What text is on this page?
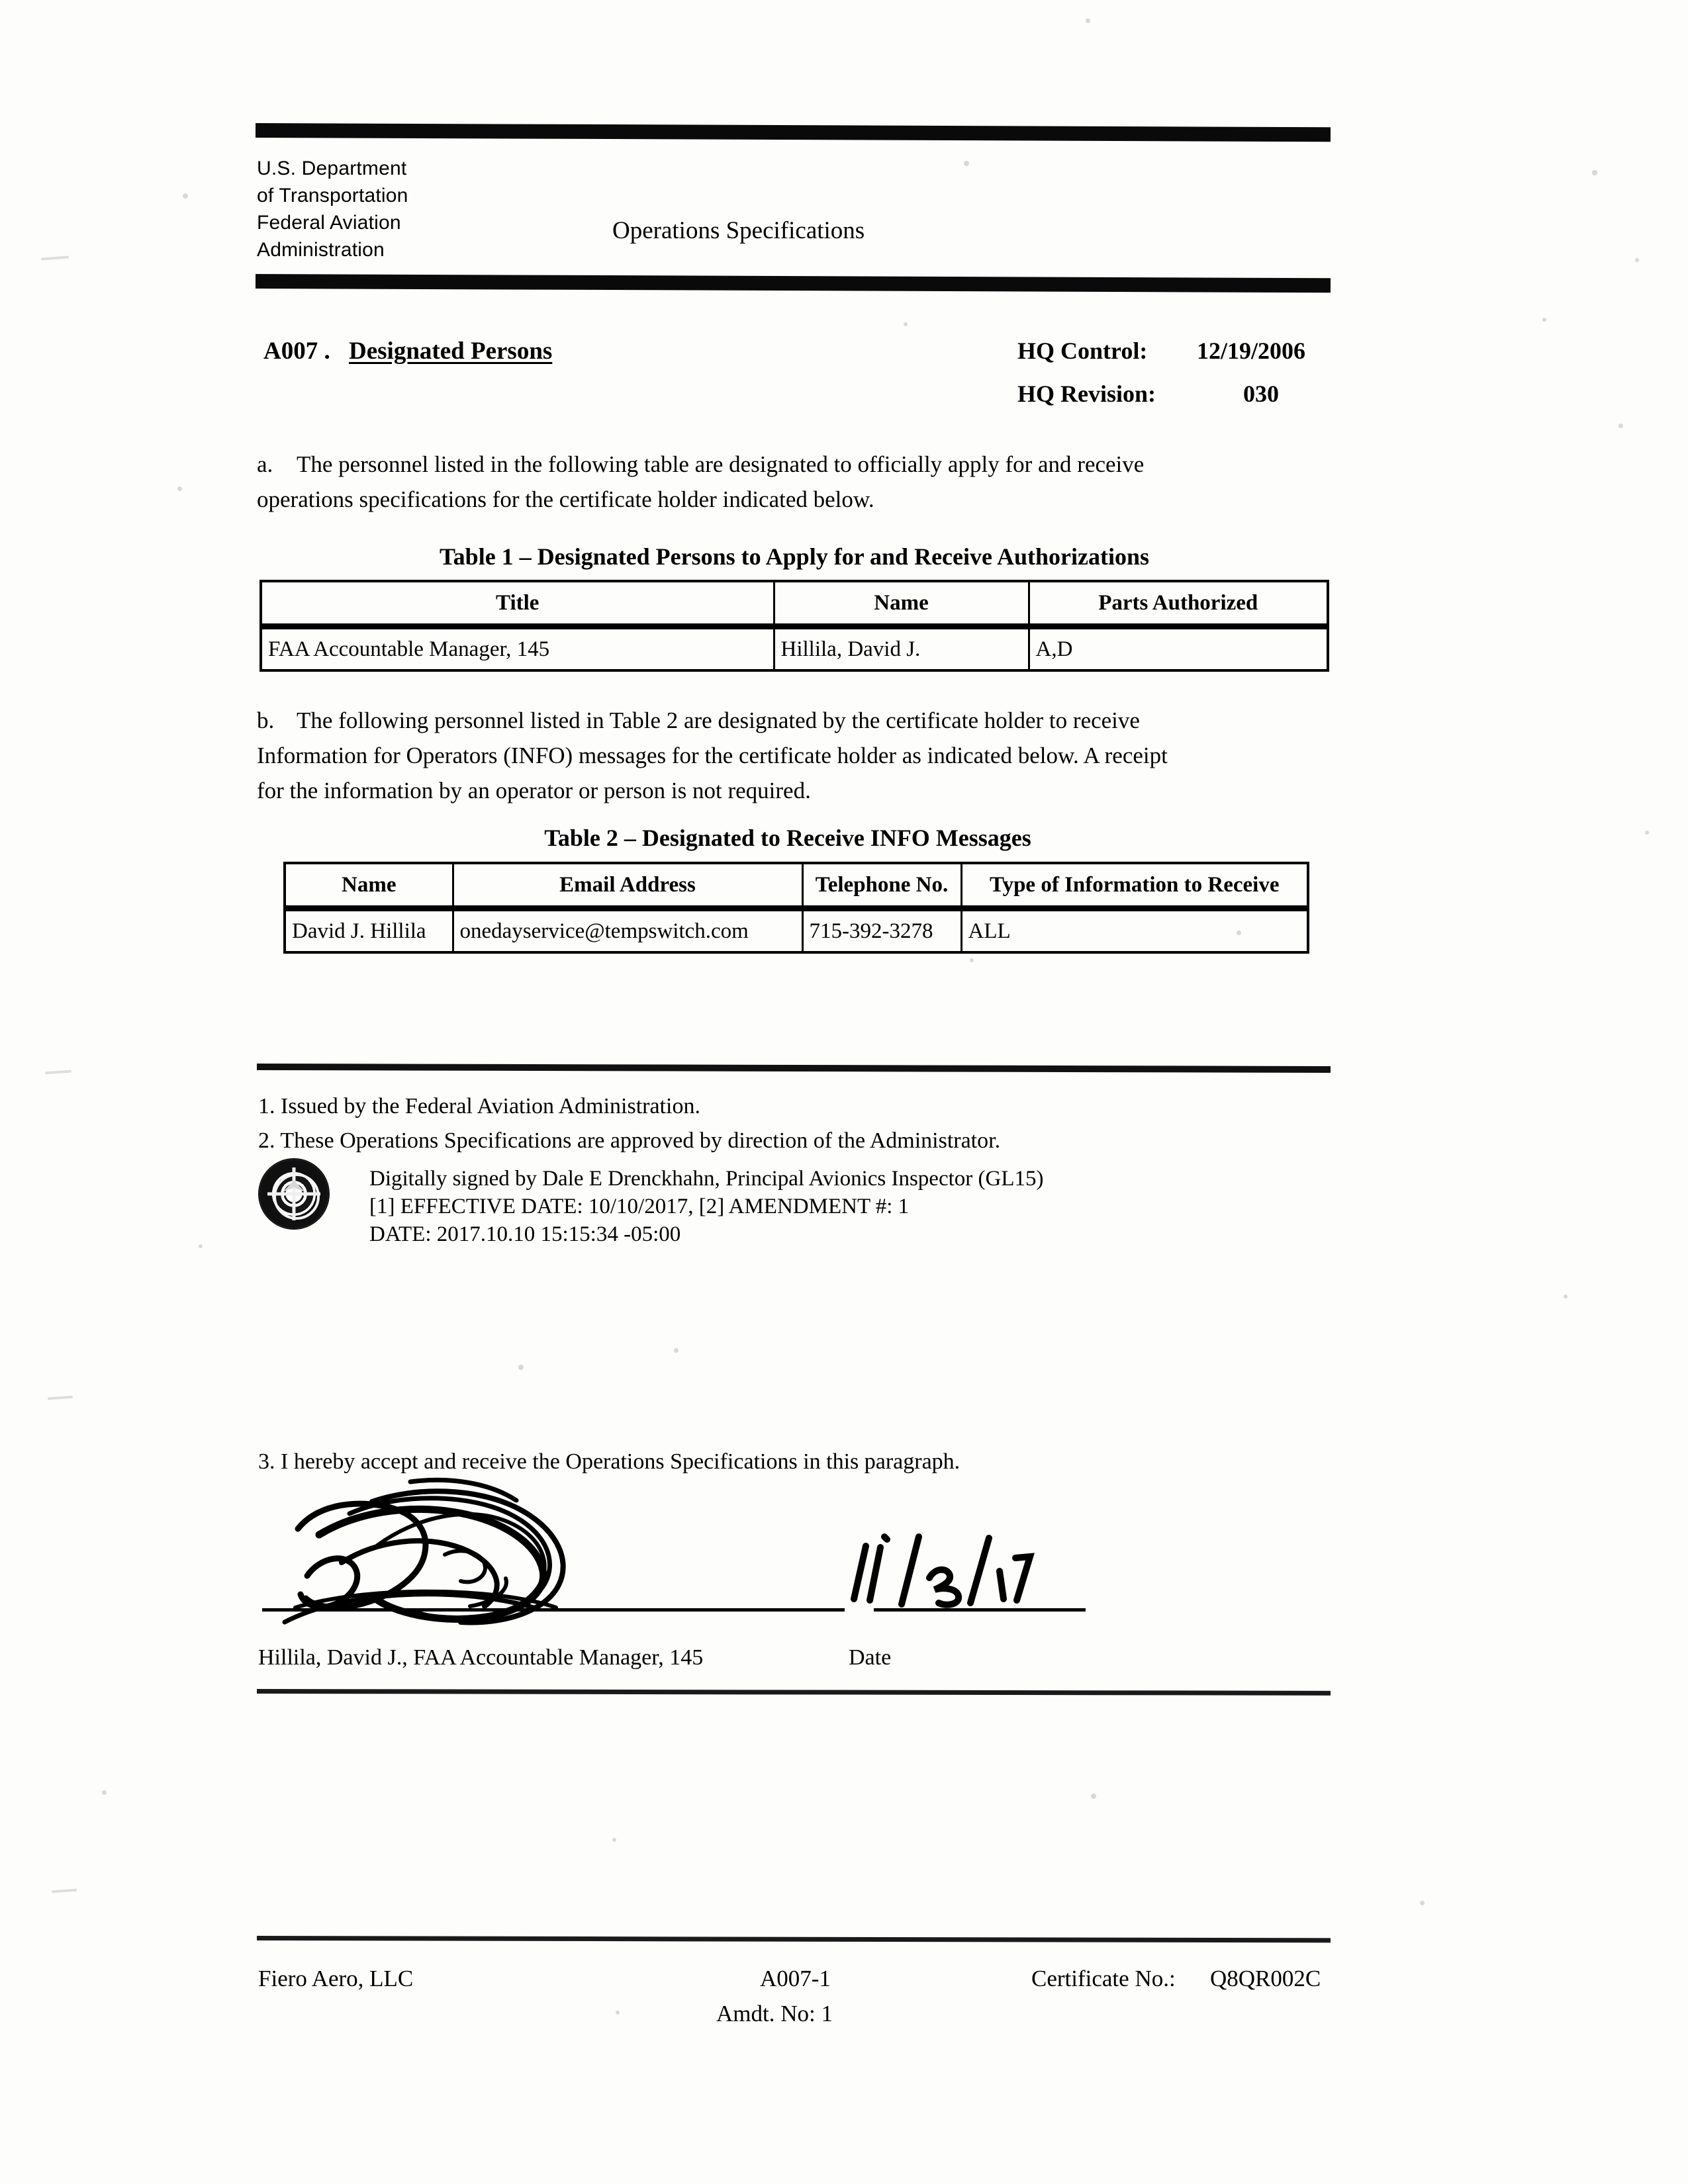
U.S. Department
of Transportation
Federal Aviation
Administration
Operations Specifications
A007 . Designated Persons	HQ Control: 12/19/2006
HQ Revision:	030
a. The personnel listed in the following table are designated to officially apply for and receive
operations specifications for the certificate holder indicated below.
Table 1 – Designated Persons to Apply for and Receive Authorizations
Title	Name	Parts Authorized
FAA Accountable Manager, 145	Hillila, David J.	A,D
b. The following personnel listed in Table 2 are designated by the certificate holder to receive
Information for Operators (INFO) messages for the certificate holder as indicated below. A receipt
for the information by an operator or person is not required.
Table 2 – Designated to Receive INFO Messages
Name	Email Address	Telephone No.	Type of Information to Receive
David J. Hillila	onedayservice@tempswitch.com	715-392-3278	ALL
1. Issued by the Federal Aviation Administration.
2. These Operations Specifications are approved by direction of the Administrator.
Digitally signed by Dale E Drenckhahn, Principal Avionics Inspector (GL15)
[1] EFFECTIVE DATE: 10/10/2017, [2] AMENDMENT #: 1
DATE: 2017.10.10 15:15:34 -05:00
3. I hereby accept and receive the Operations Specifications in this paragraph.
Hillila, David J., FAA Accountable Manager, 145	Date
Fiero Aero, LLC	A007-1	Certificate No.: Q8QR002C
Amdt. No: 1
